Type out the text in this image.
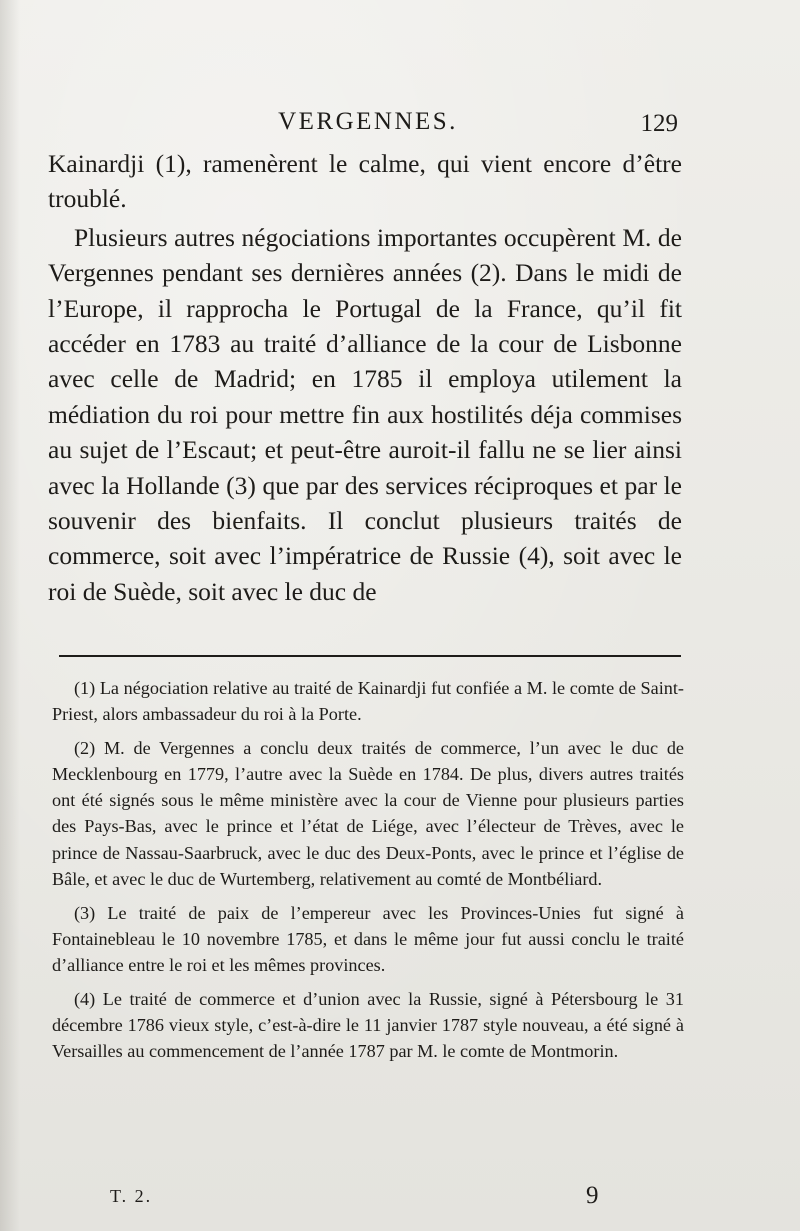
VERGENNES.	129

Kainardji (1), ramenèrent le calme, qui vient encore d’être troublé.

Plusieurs autres négociations importantes occupèrent M. de Vergennes pendant ses dernières années (2). Dans le midi de l’Europe, il rapprocha le Portugal de la France, qu’il fit accéder en 1783 au traité d’alliance de la cour de Lisbonne avec celle de Madrid; en 1785 il employa utilement la médiation du roi pour mettre fin aux hostilités déja commises au sujet de l’Escaut; et peut-être auroit-il fallu ne se lier ainsi avec la Hollande (3) que par des services réciproques et par le souvenir des bienfaits. Il conclut plusieurs traités de commerce, soit avec l’impératrice de Russie (4), soit avec le roi de Suède, soit avec le duc de

(1) La négociation relative au traité de Kainardji fut confiée a M. le comte de Saint-Priest, alors ambassadeur du roi à la Porte.

(2) M. de Vergennes a conclu deux traités de commerce, l’un avec le duc de Mecklenbourg en 1779, l’autre avec la Suède en 1784. De plus, divers autres traités ont été signés sous le même ministère avec la cour de Vienne pour plusieurs parties des Pays-Bas, avec le prince et l’état de Liége, avec l’électeur de Trèves, avec le prince de Nassau-Saarbruck, avec le duc des Deux-Ponts, avec le prince et l’église de Bâle, et avec le duc de Wurtemberg, relativement au comté de Montbéliard.

(3) Le traité de paix de l’empereur avec les Provinces-Unies fut signé à Fontainebleau le 10 novembre 1785, et dans le même jour fut aussi conclu le traité d’alliance entre le roi et les mêmes provinces.

(4) Le traité de commerce et d’union avec la Russie, signé à Pétersbourg le 31 décembre 1786 vieux style, c’est-à-dire le 11 janvier 1787 style nouveau, a été signé à Versailles au commencement de l’année 1787 par M. le comte de Montmorin.

T. 2.	9
